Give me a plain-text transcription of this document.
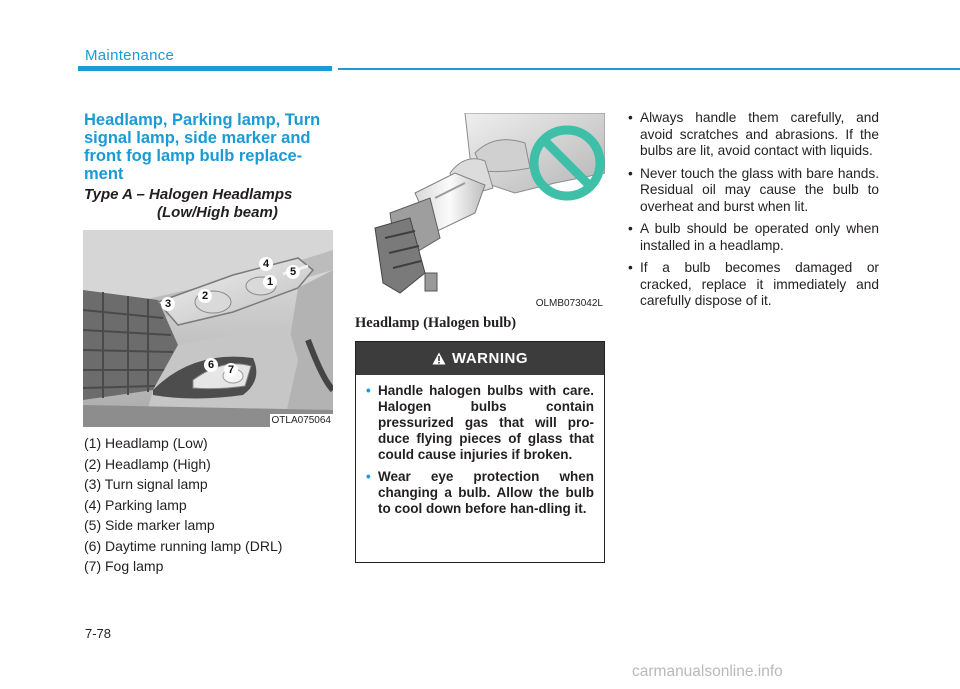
Maintenance
Headlamp, Parking lamp, Turn signal lamp, side marker and front fog lamp bulb replace-ment
Type A – Halogen Headlamps
(Low/High beam)
4
5
1
2
3
6	7
OTLA075064
(1) Headlamp (Low)
(2) Headlamp (High)
(3) Turn signal lamp
(4) Parking lamp
(5) Side marker lamp
(6) Daytime running lamp (DRL)
(7) Fog lamp
OLMB073042L
Headlamp (Halogen bulb)
WARNING
• Handle halogen bulbs with care. Halogen bulbs contain pressurized gas that will pro-duce flying pieces of glass that could cause injuries if broken.
• Wear eye protection when changing a bulb. Allow the bulb to cool down before han-dling it.
• Always handle them carefully, and avoid scratches and abrasions. If the bulbs are lit, avoid contact with liquids.
• Never touch the glass with bare hands. Residual oil may cause the bulb to overheat and burst when lit.
• A bulb should be operated only when installed in a headlamp.
• If a bulb becomes damaged or cracked, replace it immediately and carefully dispose of it.
7-78
carmanualsonline.info
